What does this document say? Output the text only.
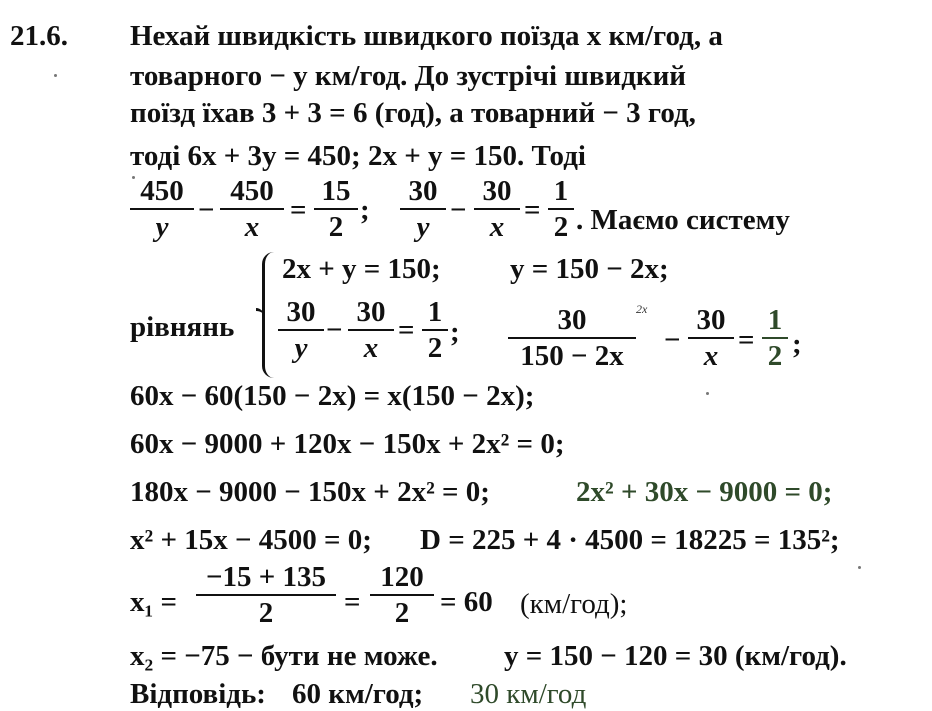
21.6. Нехай швидкість швидкого поїзда x км/год, а
товарного − y км/год. До зустрічі швидкий
поїзд їхав 3 + 3 = 6 (год), а товарний − 3 год,
тоді 6x + 3y = 450; 2x + y = 150. Тоді
450
y
−
450
x
=
15
2
;
30
y
−
30
x
=
1
2 . Маємо систему
рівнянь
2x + y = 150; y = 150 − 2x;
30
y
−
30
x
=
1
2 ;	30
150 − 2x
2x
−
30
x =
1
2 ;
60x − 60(150 − 2x) = x(150 − 2x);
60x − 9000 + 120x − 150x + 2x² = 0;
180x − 9000 − 150x + 2x² = 0;	2x² + 30x − 9000 = 0;
x² + 15x − 4500 = 0; D = 225 + 4 · 4500 = 18225 = 135²;
x₁ =
−15 + 135
2	=
120
2	= 60 (км/год);
x₂ = −75 − бути не може. y = 150 − 120 = 30 (км/год).
Відповідь: 60 км/год; 30 км/год
